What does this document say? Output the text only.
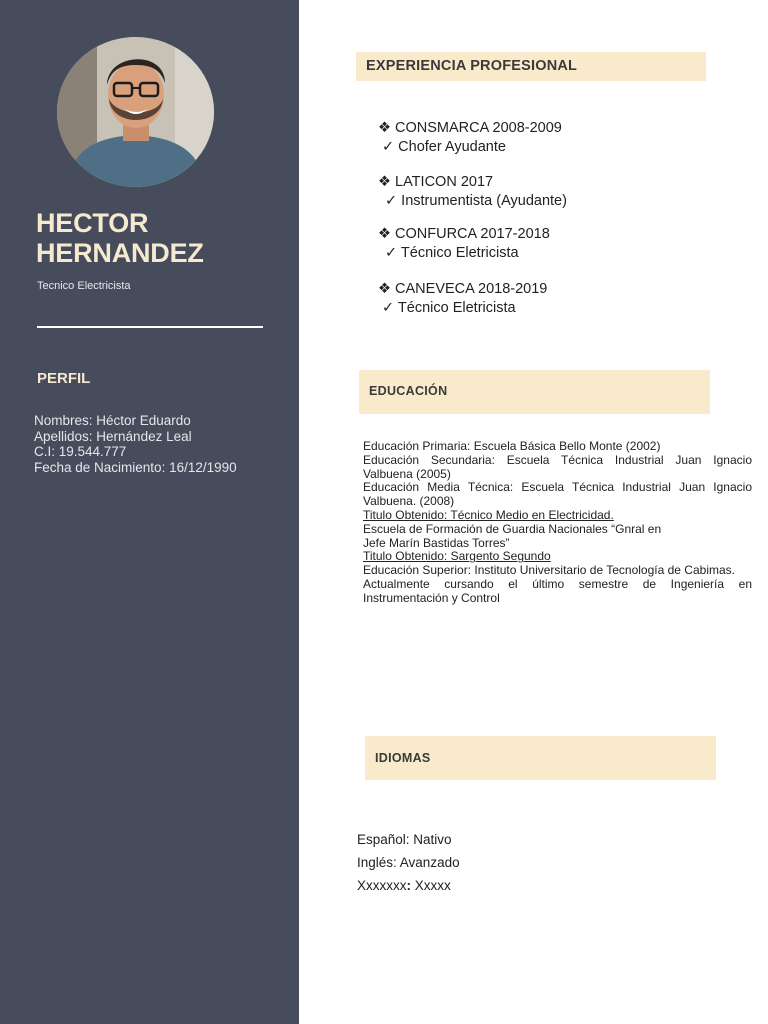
HECTOR
HERNANDEZ
Tecnico Electricista
PERFIL
Nombres: Héctor Eduardo
Apellidos: Hernández Leal
C.I: 19.544.777
Fecha de Nacimiento: 16/12/1990
EXPERIENCIA PROFESIONAL
❖ CONSMARCA 2008-2009
✓ Chofer Ayudante
❖ LATICON 2017
✓ Instrumentista (Ayudante)
❖ CONFURCA 2017-2018
✓ Técnico Eletricista
❖ CANEVECA 2018-2019
✓ Técnico Eletricista
EDUCACIÓN

Educación Primaria: Escuela Básica Bello Monte (2002)

Educación Secundaria: Escuela Técnica Industrial Juan Ignacio Valbuena (2005)

Educación Media Técnica: Escuela Técnica Industrial Juan Ignacio Valbuena. (2008)

Titulo Obtenido: Técnico Medio en Electricidad.

Escuela de Formación de Guardia Nacionales “Gnral en

Jefe Marín Bastidas Torres”

Titulo Obtenido: Sargento Segundo

Educación Superior: Instituto Universitario de Tecnología de Cabimas.

Actualmente cursando el último semestre de Ingeniería en Instrumentación y Control

IDIOMAS
Español: Nativo
Inglés: Avanzado
Xxxxxxx: Xxxxx
